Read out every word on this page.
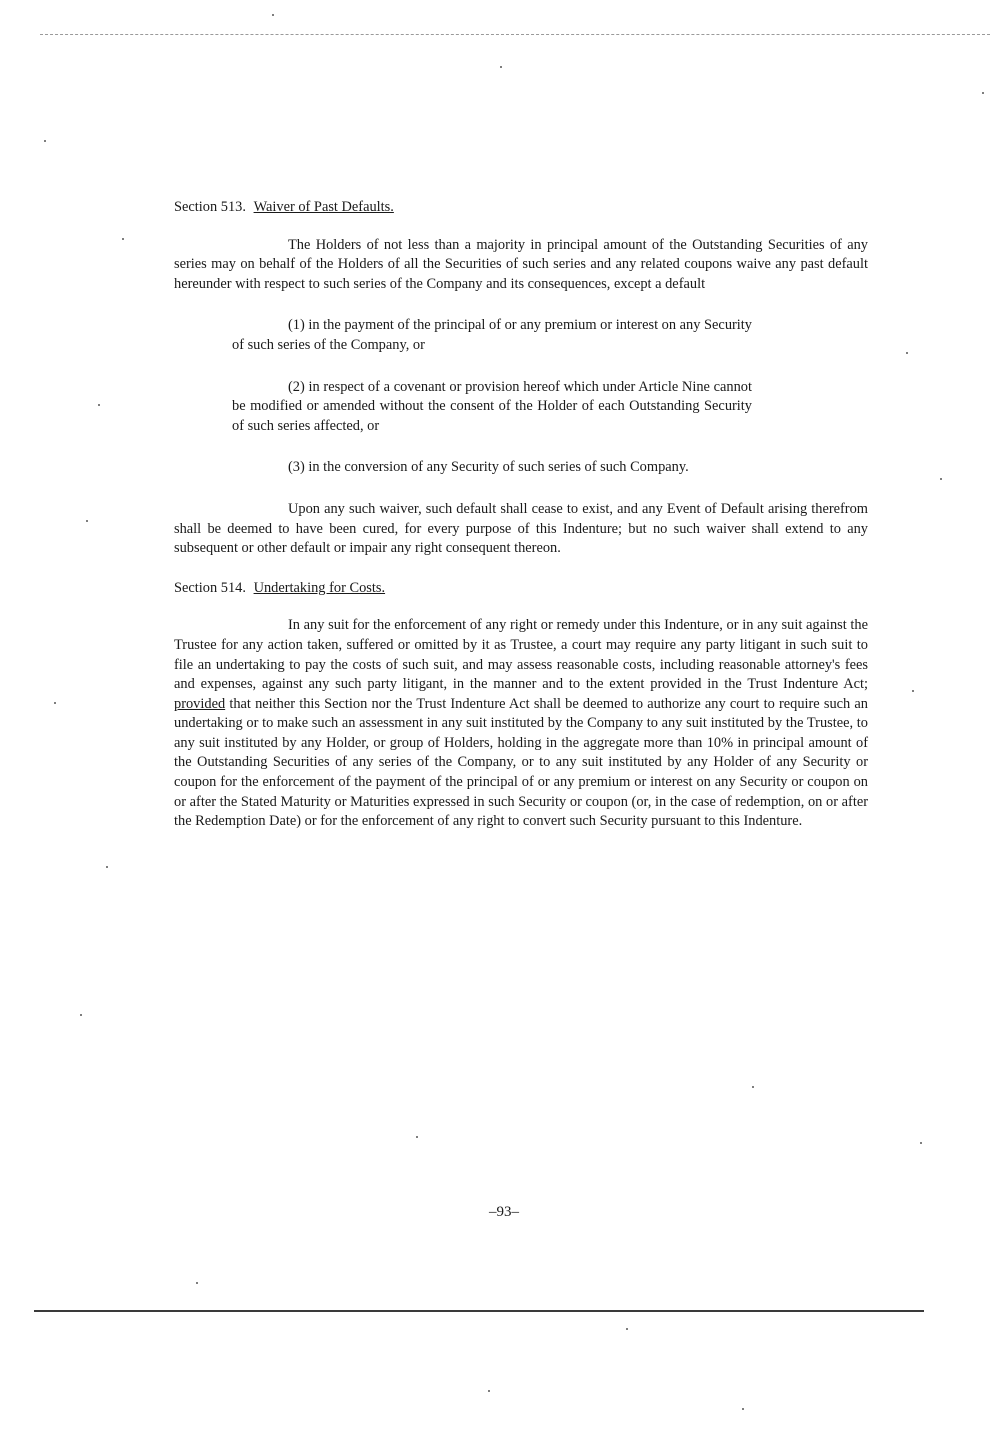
Section 513. Waiver of Past Defaults.

The Holders of not less than a majority in principal amount of the Outstanding Securities of any series may on behalf of the Holders of all the Securities of such series and any related coupons waive any past default hereunder with respect to such series of the Company and its consequences, except a default

(1) in the payment of the principal of or any premium or interest on any Security of such series of the Company, or

(2) in respect of a covenant or provision hereof which under Article Nine cannot be modified or amended without the consent of the Holder of each Outstanding Security of such series affected, or

(3) in the conversion of any Security of such series of such Company.

Upon any such waiver, such default shall cease to exist, and any Event of Default arising therefrom shall be deemed to have been cured, for every purpose of this Indenture; but no such waiver shall extend to any subsequent or other default or impair any right consequent thereon.

Section 514. Undertaking for Costs.

In any suit for the enforcement of any right or remedy under this Indenture, or in any suit against the Trustee for any action taken, suffered or omitted by it as Trustee, a court may require any party litigant in such suit to file an undertaking to pay the costs of such suit, and may assess reasonable costs, including reasonable attorney's fees and expenses, against any such party litigant, in the manner and to the extent provided in the Trust Indenture Act; provided that neither this Section nor the Trust Indenture Act shall be deemed to authorize any court to require such an undertaking or to make such an assessment in any suit instituted by the Company to any suit instituted by the Trustee, to any suit instituted by any Holder, or group of Holders, holding in the aggregate more than 10% in principal amount of the Outstanding Securities of any series of the Company, or to any suit instituted by any Holder of any Security or coupon for the enforcement of the payment of the principal of or any premium or interest on any Security or coupon on or after the Stated Maturity or Maturities expressed in such Security or coupon (or, in the case of redemption, on or after the Redemption Date) or for the enforcement of any right to convert such Security pursuant to this Indenture.

–93–
